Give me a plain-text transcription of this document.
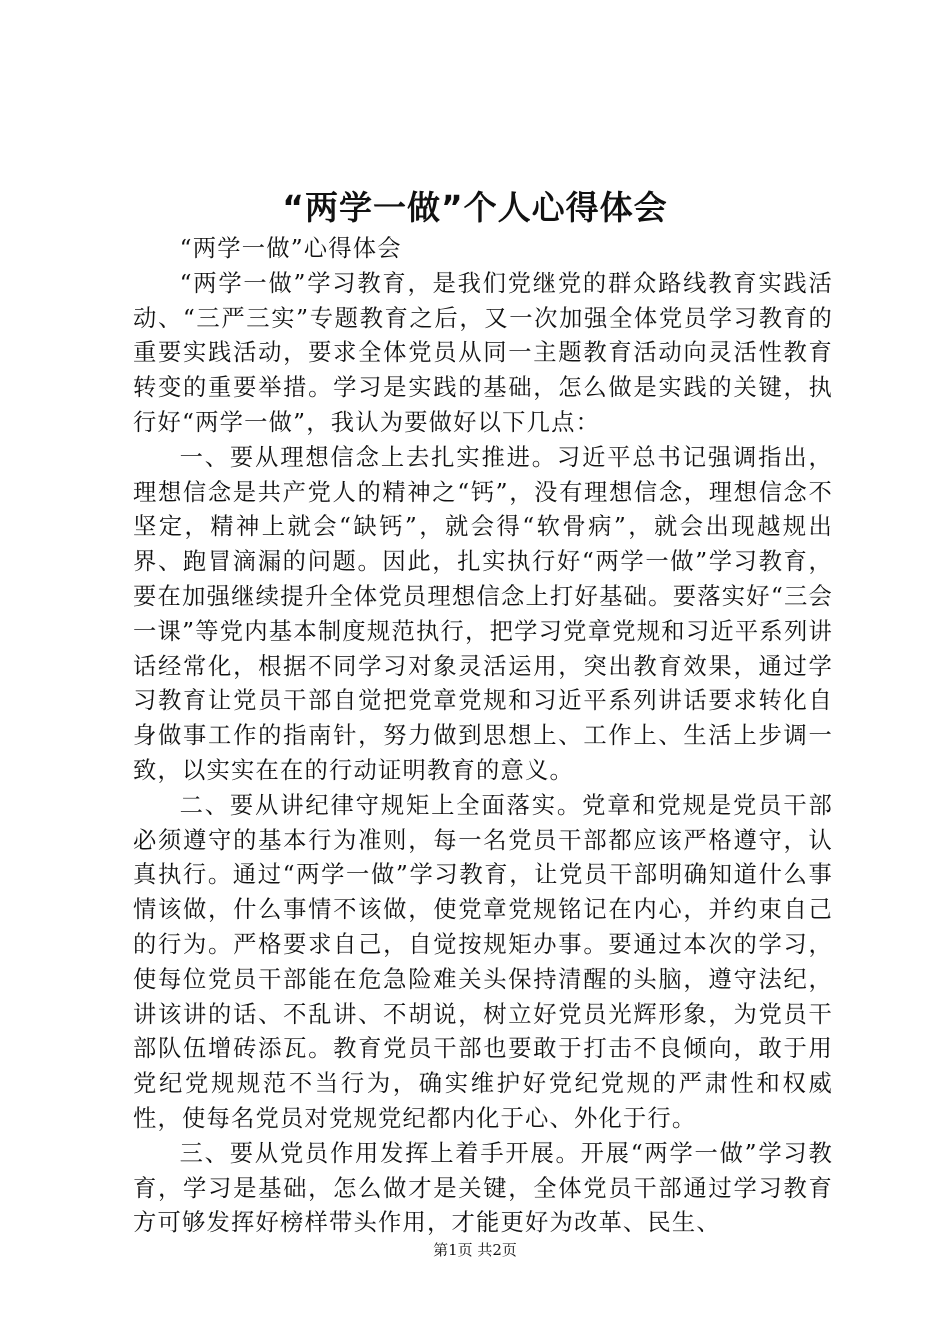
“两学一做”个人心得体会

“两学一做”心得体会

“两学一做”学习教育，是我们党继党的群众路线教育实践活动、“三严三实”专题教育之后，又一次加强全体党员学习教育的重要实践活动，要求全体党员从同一主题教育活动向灵活性教育转变的重要举措。学习是实践的基础，怎么做是实践的关键，执行好“两学一做”，我认为要做好以下几点：

一、要从理想信念上去扎实推进。习近平总书记强调指出，理想信念是共产党人的精神之“钙”，没有理想信念，理想信念不坚定，精神上就会“缺钙”，就会得“软骨病”，就会出现越规出界、跑冒滴漏的问题。因此，扎实执行好“两学一做”学习教育，要在加强继续提升全体党员理想信念上打好基础。要落实好“三会一课”等党内基本制度规范执行，把学习党章党规和习近平系列讲话经常化，根据不同学习对象灵活运用，突出教育效果，通过学习教育让党员干部自觉把党章党规和习近平系列讲话要求转化自身做事工作的指南针，努力做到思想上、工作上、生活上步调一致，以实实在在的行动证明教育的意义。

二、要从讲纪律守规矩上全面落实。党章和党规是党员干部必须遵守的基本行为准则，每一名党员干部都应该严格遵守，认真执行。通过“两学一做”学习教育，让党员干部明确知道什么事情该做，什么事情不该做，使党章党规铭记在内心，并约束自己的行为。严格要求自己，自觉按规矩办事。要通过本次的学习，使每位党员干部能在危急险难关头保持清醒的头脑，遵守法纪，讲该讲的话、不乱讲、不胡说，树立好党员光辉形象，为党员干部队伍增砖添瓦。教育党员干部也要敢于打击不良倾向，敢于用党纪党规规范不当行为，确实维护好党纪党规的严肃性和权威性，使每名党员对党规党纪都内化于心、外化于行。

三、要从党员作用发挥上着手开展。开展“两学一做”学习教育，学习是基础，怎么做才是关键，全体党员干部通过学习教育方可够发挥好榜样带头作用，才能更好为改革、民生、

第1页 共2页
